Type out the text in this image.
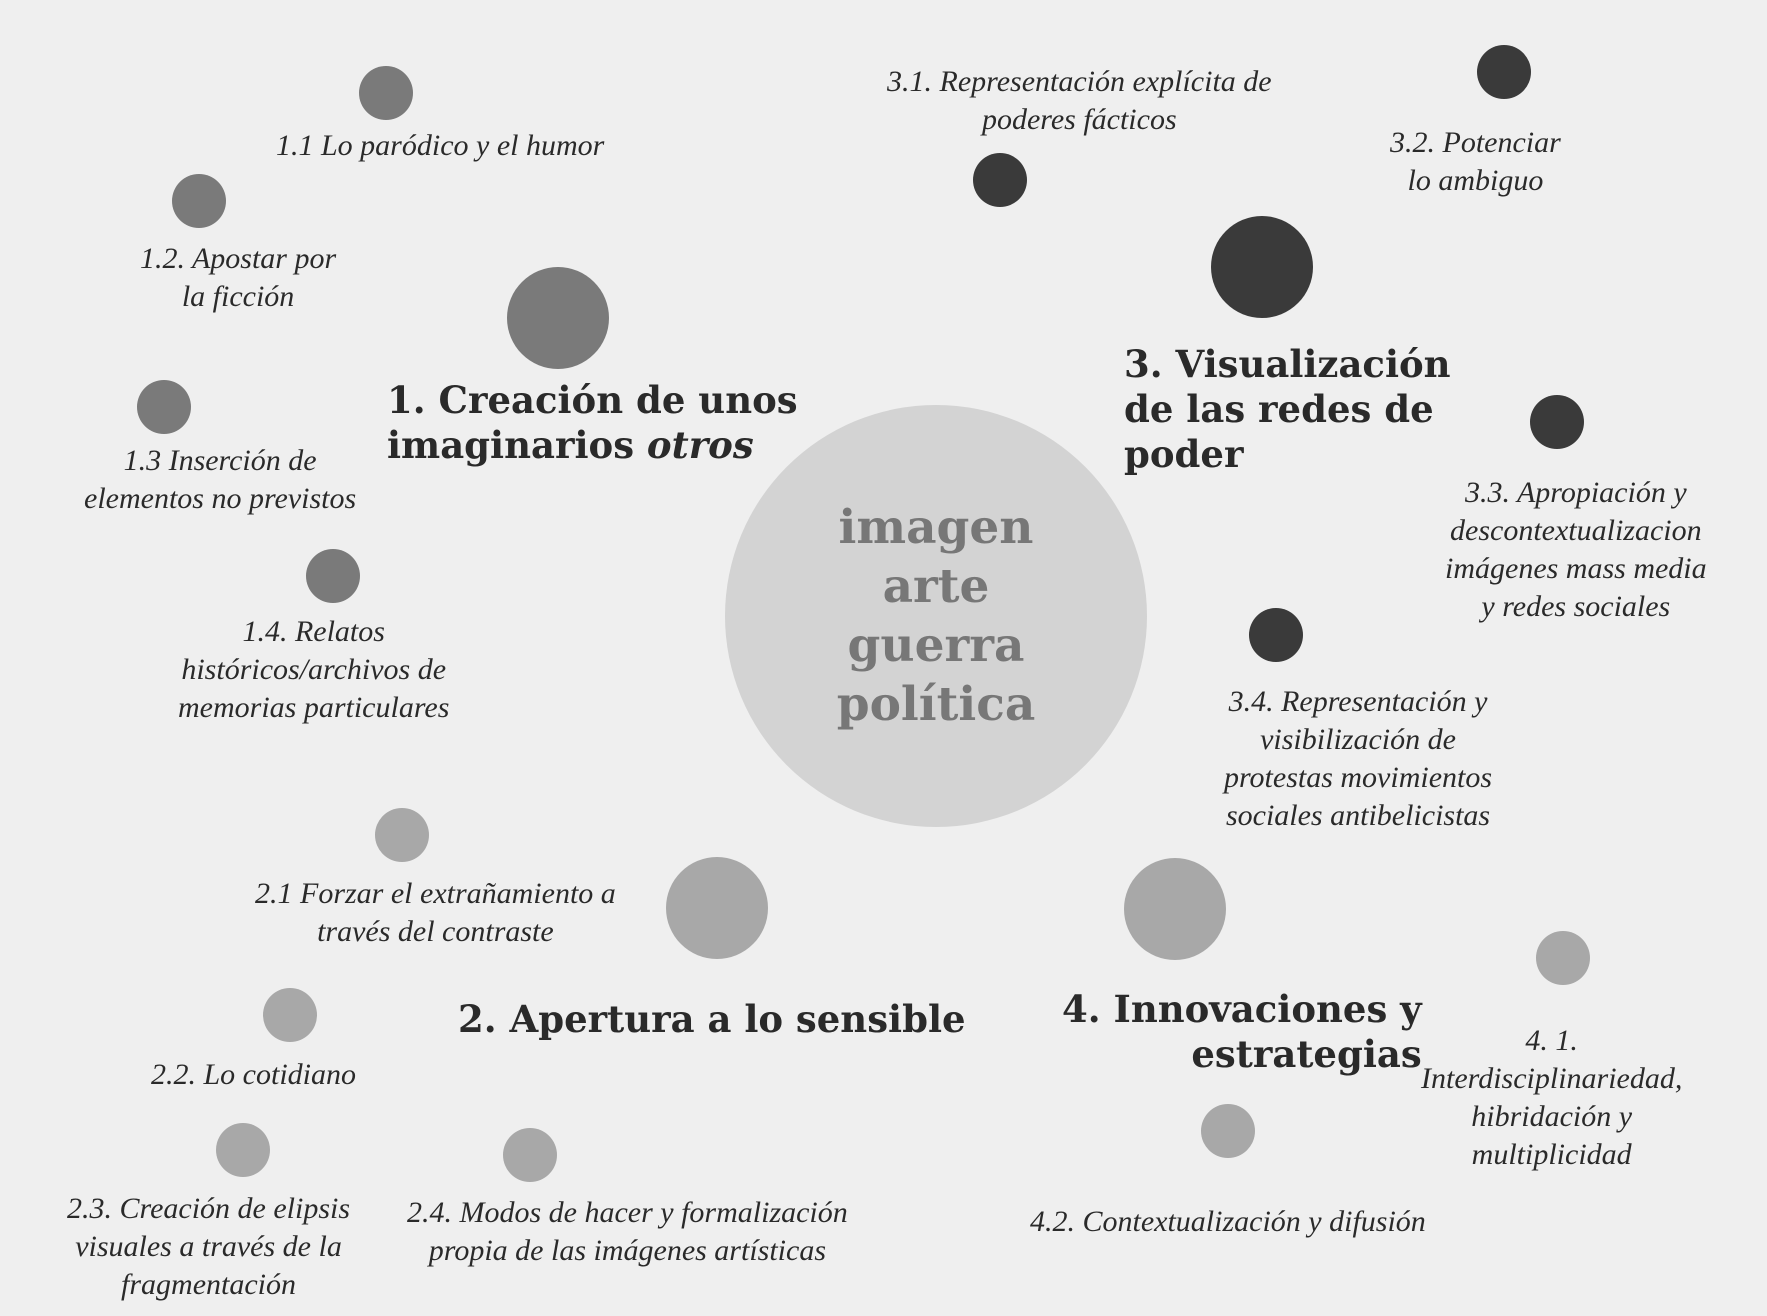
imagen
arte
guerra
política
1. Creación de unos
imaginarios otros
1.1 Lo paródico y el humor
1.2. Apostar por
la ficción
1.3 Inserción de
elementos no previstos
1.4. Relatos
históricos/archivos de
memorias particulares
2. Apertura a lo sensible
2.1 Forzar el extrañamiento a
través del contraste
2.2. Lo cotidiano
2.3. Creación de elipsis
visuales a través de la
fragmentación
2.4. Modos de hacer y formalización
propia de las imágenes artísticas
3. Visualización
de las redes de
poder
3.1. Representación explícita de
poderes fácticos
3.2. Potenciar
lo ambiguo
3.3. Apropiación y
descontextualizacion
imágenes mass media
y redes sociales
3.4. Representación y
visibilización de
protestas movimientos
sociales antibelicistas
4. Innovaciones y
estrategias	4. 1.
Interdisciplinariedad,
hibridación y
multiplicidad
4.2. Contextualización y difusión
